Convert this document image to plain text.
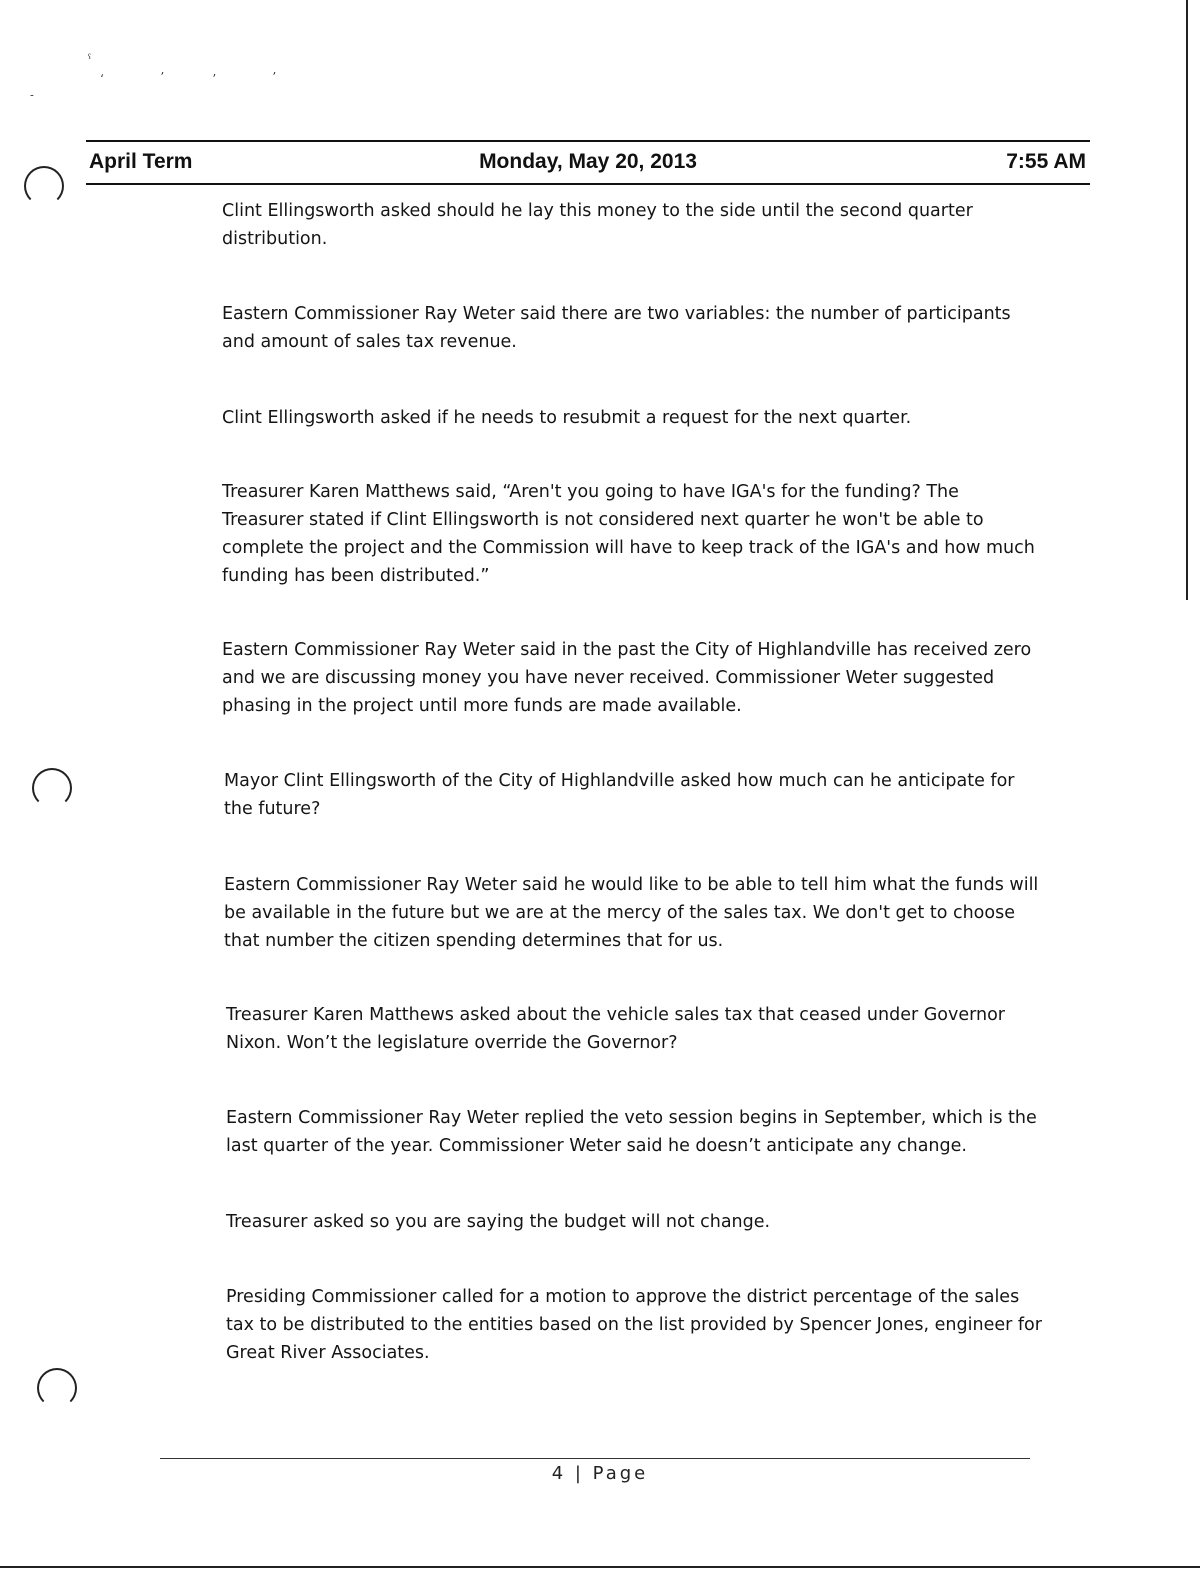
ˤ
ʻ	ʼ	ʼ	ʼ
˗
April Term	Monday, May 20, 2013	7:55 AM

Clint Ellingsworth asked should he lay this money to the side until the second quarter distribution.

Eastern Commissioner Ray Weter said there are two variables: the number of participants and amount of sales tax revenue.

Clint Ellingsworth asked if he needs to resubmit a request for the next quarter.

Treasurer Karen Matthews said, “Aren't you going to have IGA's for the funding? The Treasurer stated if Clint Ellingsworth is not considered next quarter he won't be able to complete the project and the Commission will have to keep track of the IGA's and how much funding has been distributed.”

Eastern Commissioner Ray Weter said in the past the City of Highlandville has received zero and we are discussing money you have never received. Commissioner Weter suggested phasing in the project until more funds are made available.

Mayor Clint Ellingsworth of the City of Highlandville asked how much can he anticipate for the future?

Eastern Commissioner Ray Weter said he would like to be able to tell him what the funds will be available in the future but we are at the mercy of the sales tax. We don't get to choose that number the citizen spending determines that for us.

Treasurer Karen Matthews asked about the vehicle sales tax that ceased under Governor Nixon. Won’t the legislature override the Governor?

Eastern Commissioner Ray Weter replied the veto session begins in September, which is the last quarter of the year. Commissioner Weter said he doesn’t anticipate any change.

Treasurer asked so you are saying the budget will not change.

Presiding Commissioner called for a motion to approve the district percentage of the sales tax to be distributed to the entities based on the list provided by Spencer Jones, engineer for Great River Associates.

4 | Page
